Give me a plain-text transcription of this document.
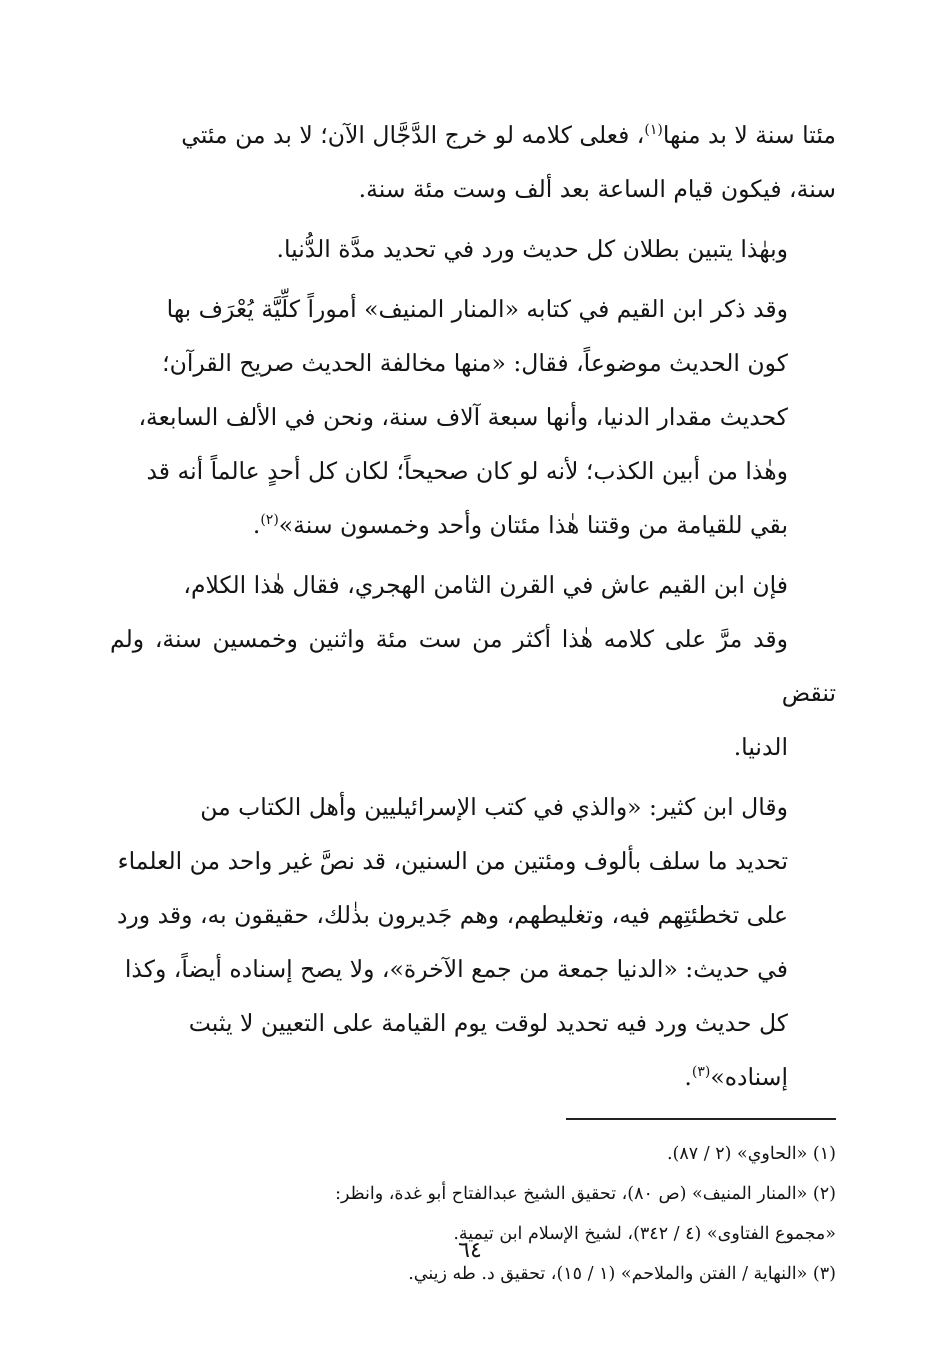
مئتا سنة لا بد منها$^{(١)}$، فعلى كلامه لو خرج الدَّجَّال الآن؛ لا بد من مئتي
سنة، فيكون قيام الساعة بعد ألف وست مئة سنة.

وبهٰذا يتبين بطلان كل حديث ورد في تحديد مدَّة الدُّنيا.

وقد ذكر ابن القيم في كتابه «المنار المنيف» أموراً كلِّيَّة يُعْرَف بها
كون الحديث موضوعاً، فقال: «منها مخالفة الحديث صريح القرآن؛
كحديث مقدار الدنيا، وأنها سبعة آلاف سنة، ونحن في الألف السابعة،
وهٰذا من أبين الكذب؛ لأنه لو كان صحيحاً؛ لكان كل أحدٍ عالماً أنه قد
بقي للقيامة من وقتنا هٰذا مئتان وأحد وخمسون سنة»$^{(٢)}$.

فإن ابن القيم عاش في القرن الثامن الهجري، فقال هٰذا الكلام،
وقد مرَّ على كلامه هٰذا أكثر من ست مئة واثنين وخمسين سنة، ولم تنقض
الدنيا.

وقال ابن كثير: «والذي في كتب الإسرائيليين وأهل الكتاب من
تحديد ما سلف بألوف ومئتين من السنين، قد نصَّ غير واحد من العلماء
على تخطئتِهم فيه، وتغليطهم، وهم جَديرون بذٰلك، حقيقون به، وقد ورد
في حديث: «الدنيا جمعة من جمع الآخرة»، ولا يصح إسناده أيضاً، وكذا
كل حديث ورد فيه تحديد لوقت يوم القيامة على التعيين لا يثبت
إسناده»$^{(٣)}$.

(١) «الحاوي» (٢ / ٨٧).

(٢) «المنار المنيف» (ص ٨٠)، تحقيق الشيخ عبدالفتاح أبو غدة، وانظر:
«مجموع الفتاوى» (٤ / ٣٤٢)، لشيخ الإسلام ابن تيمية.

(٣) «النهاية / الفتن والملاحم» (١ / ١٥)، تحقيق د. طه زيني.

٦٤
